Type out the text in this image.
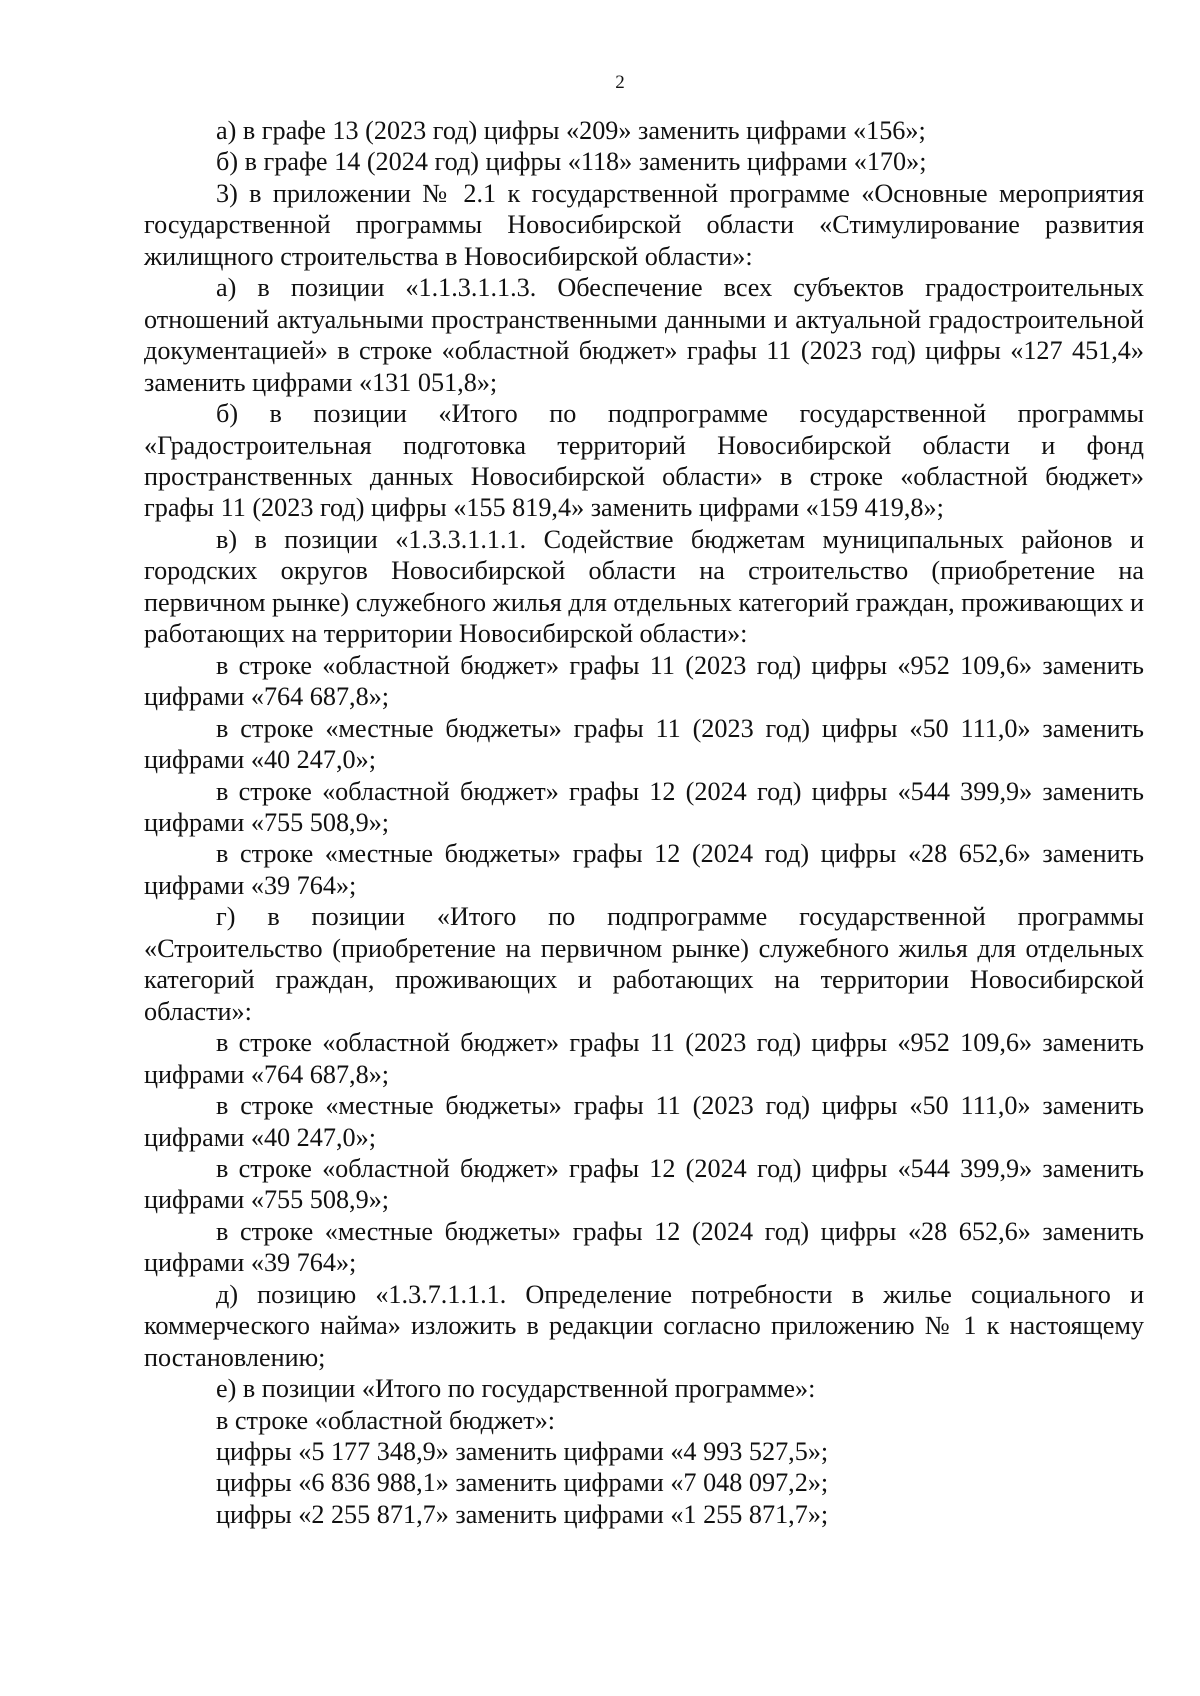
2

а) в графе 13 (2023 год) цифры «209» заменить цифрами «156»;

б) в графе 14 (2024 год) цифры «118» заменить цифрами «170»;

3) в приложении № 2.1 к государственной программе «Основные мероприятия государственной программы Новосибирской области «Стимулирование развития жилищного строительства в Новосибирской области»:

а) в позиции «1.1.3.1.1.3. Обеспечение всех субъектов градостроительных отношений актуальными пространственными данными и актуальной градостроительной документацией» в строке «областной бюджет» графы 11 (2023 год) цифры «127 451,4» заменить цифрами «131 051,8»;

б) в позиции «Итого по подпрограмме государственной программы «Градостроительная подготовка территорий Новосибирской области и фонд пространственных данных Новосибирской области» в строке «областной бюджет» графы 11 (2023 год) цифры «155 819,4» заменить цифрами «159 419,8»;

в) в позиции «1.3.3.1.1.1. Содействие бюджетам муниципальных районов и городских округов Новосибирской области на строительство (приобретение на первичном рынке) служебного жилья для отдельных категорий граждан, проживающих и работающих на территории Новосибирской области»:

в строке «областной бюджет» графы 11 (2023 год) цифры «952 109,6» заменить цифрами «764 687,8»;

в строке «местные бюджеты» графы 11 (2023 год) цифры «50 111,0» заменить цифрами «40 247,0»;

в строке «областной бюджет» графы 12 (2024 год) цифры «544 399,9» заменить цифрами «755 508,9»;

в строке «местные бюджеты» графы 12 (2024 год) цифры «28 652,6» заменить цифрами «39 764»;

г) в позиции «Итого по подпрограмме государственной программы «Строительство (приобретение на первичном рынке) служебного жилья для отдельных категорий граждан, проживающих и работающих на территории Новосибирской области»:

в строке «областной бюджет» графы 11 (2023 год) цифры «952 109,6» заменить цифрами «764 687,8»;

в строке «местные бюджеты» графы 11 (2023 год) цифры «50 111,0» заменить цифрами «40 247,0»;

в строке «областной бюджет» графы 12 (2024 год) цифры «544 399,9» заменить цифрами «755 508,9»;

в строке «местные бюджеты» графы 12 (2024 год) цифры «28 652,6» заменить цифрами «39 764»;

д) позицию «1.3.7.1.1.1. Определение потребности в жилье социального и коммерческого найма» изложить в редакции согласно приложению № 1 к настоящему постановлению;

е) в позиции «Итого по государственной программе»:

в строке «областной бюджет»:

цифры «5 177 348,9» заменить цифрами «4 993 527,5»;

цифры «6 836 988,1» заменить цифрами «7 048 097,2»;

цифры «2 255 871,7» заменить цифрами «1 255 871,7»;
